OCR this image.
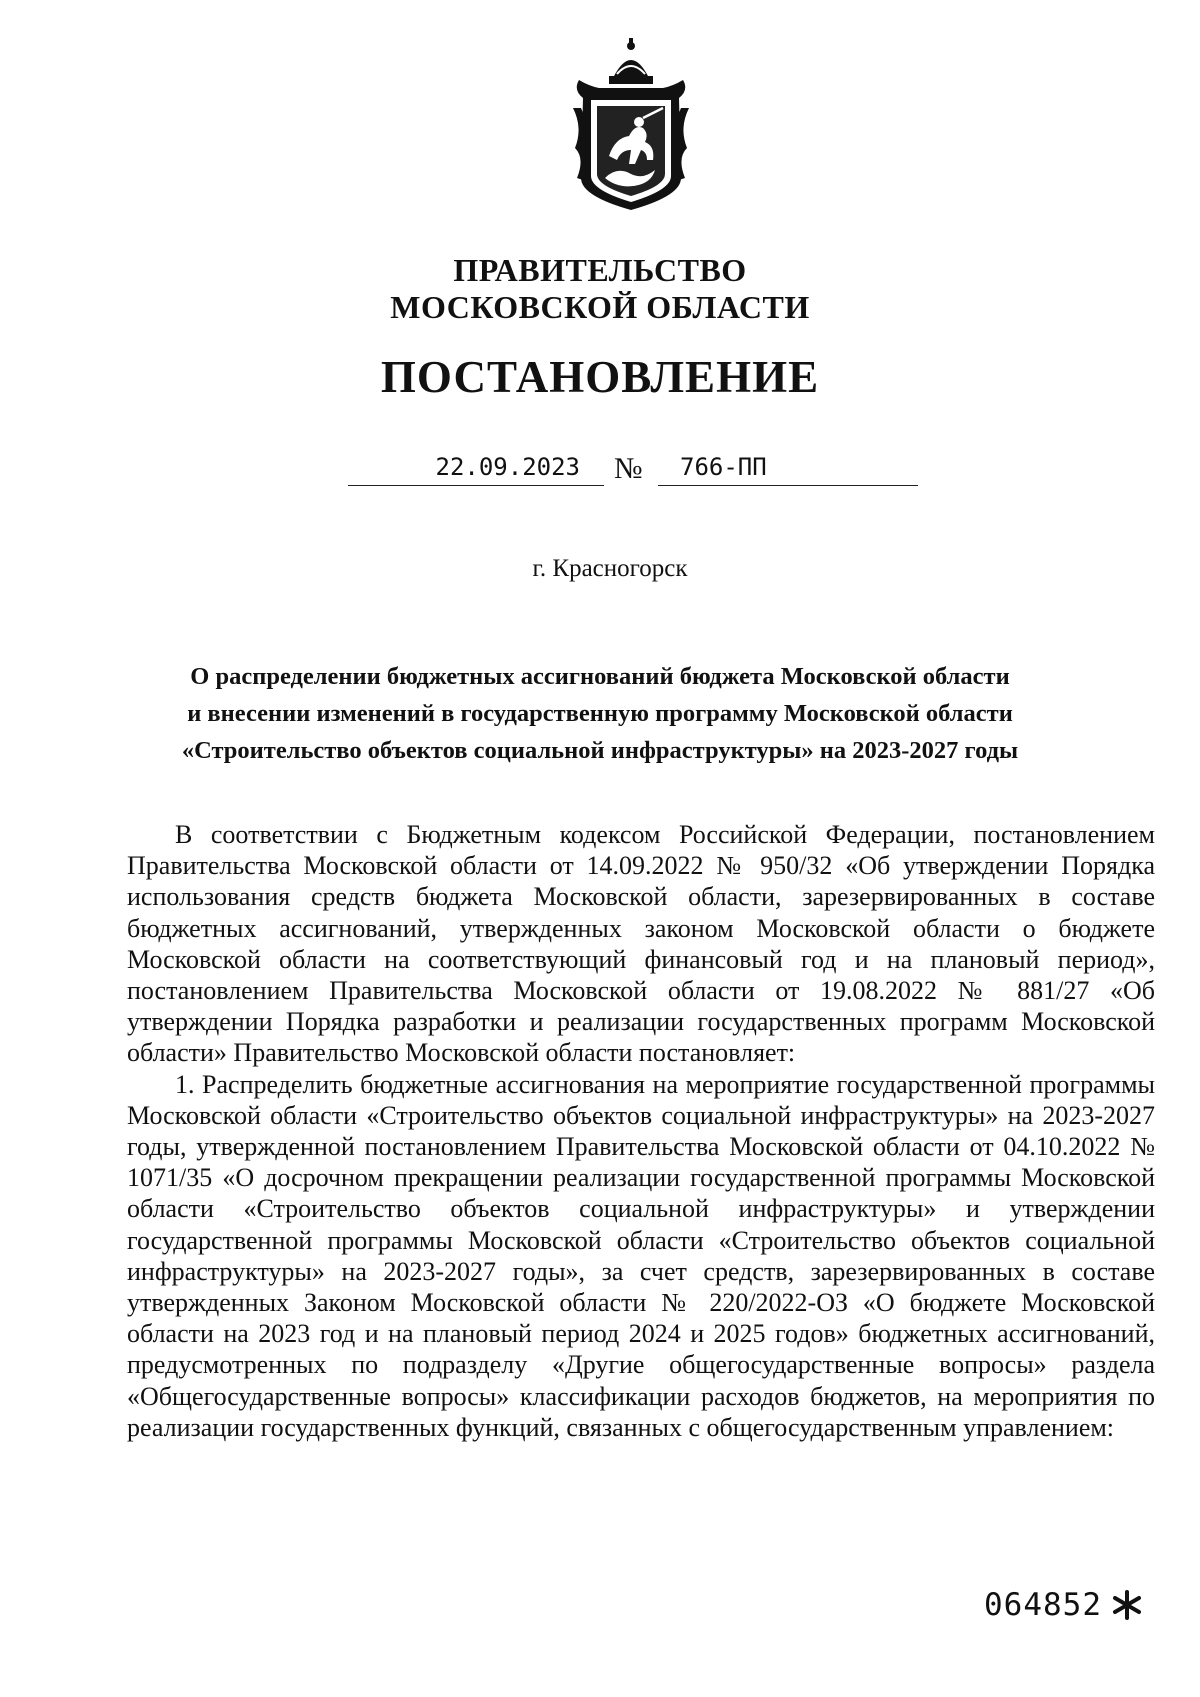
ПРАВИТЕЛЬСТВО
МОСКОВСКОЙ ОБЛАСТИ
ПОСТАНОВЛЕНИЕ
22.09.2023	№	766-ПП
г. Красногорск
О распределении бюджетных ассигнований бюджета Московской области
и внесении изменений в государственную программу Московской области
«Строительство объектов социальной инфраструктуры» на 2023-2027 годы

В соответствии с Бюджетным кодексом Российской Федерации, постановлением Правительства Московской области от 14.09.2022 № 950/32 «Об утверждении Порядка использования средств бюджета Московской области, зарезервированных в составе бюджетных ассигнований, утвержденных законом Московской области о бюджете Московской области на соответствующий финансовый год и на плановый период», постановлением Правительства Московской области от 19.08.2022 № 881/27 «Об утверждении Порядка разработки и реализации государственных программ Московской области» Правительство Московской области постановляет:

1. Распределить бюджетные ассигнования на мероприятие государственной программы Московской области «Строительство объектов социальной инфраструктуры» на 2023-2027 годы, утвержденной постановлением Правительства Московской области от 04.10.2022 № 1071/35 «О досрочном прекращении реализации государственной программы Московской области «Строительство объектов социальной инфраструктуры» и утверждении государственной программы Московской области «Строительство объектов социальной инфраструктуры» на 2023-2027 годы», за счет средств, зарезервированных в составе утвержденных Законом Московской области № 220/2022-ОЗ «О бюджете Московской области на 2023 год и на плановый период 2024 и 2025 годов» бюджетных ассигнований, предусмотренных по подразделу «Другие общегосударственные вопросы» раздела «Общегосударственные вопросы» классификации расходов бюджетов, на мероприятия по реализации государственных функций, связанных с общегосударственным управлением:

064852
